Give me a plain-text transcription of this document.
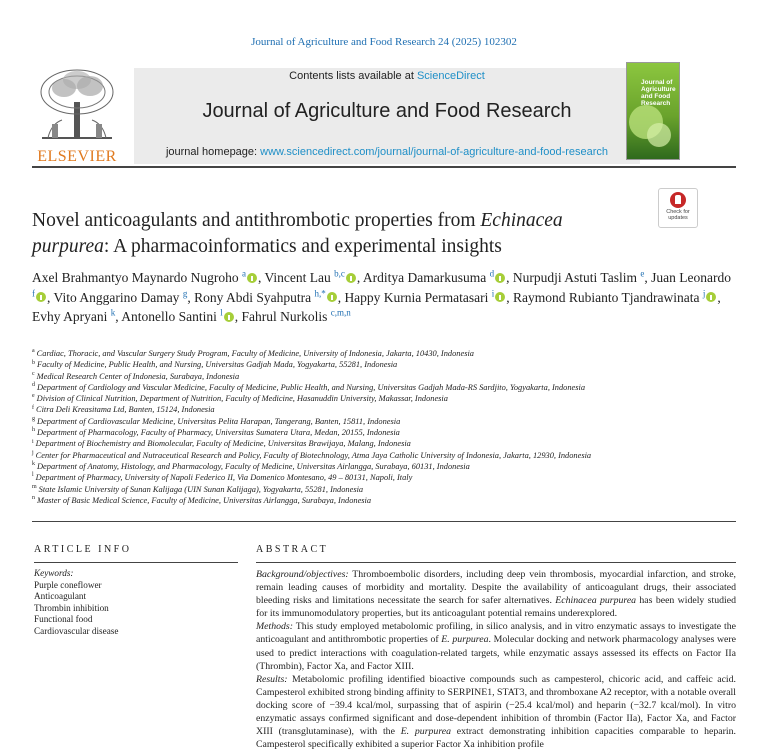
Journal of Agriculture and Food Research 24 (2025) 102302
ELSEVIER
Contents lists available at ScienceDirect
Journal of Agriculture and Food Research
journal homepage: www.sciencedirect.com/journal/journal-of-agriculture-and-food-research
Journal of
Agriculture
and Food
Research
Check for
updates
Novel anticoagulants and antithrombotic properties from Echinacea purpurea: A pharmacoinformatics and experimental insights
Axel Brahmantyo Maynardo Nugroho $^a$ , Vincent Lau $^{b,c}$ , Arditya Damarkusuma $^d$ , Nurpudji Astuti Taslim $^e$, Juan Leonardo $^f$ , Vito Anggarino Damay $^g$, Rony Abdi Syahputra $^{h,*}$ , Happy Kurnia Permatasari $^i$ , Raymond Rubianto Tjandrawinata $^j$ , Evhy Apryani $^k$, Antonello Santini $^l$ , Fahrul Nurkolis $^{c,m,n}$
$^a$ Cardiac, Thoracic, and Vascular Surgery Study Program, Faculty of Medicine, University of Indonesia, Jakarta, 10430, Indonesia
$^b$ Faculty of Medicine, Public Health, and Nursing, Universitas Gadjah Mada, Yogyakarta, 55281, Indonesia
$^c$ Medical Research Center of Indonesia, Surabaya, Indonesia
$^d$ Department of Cardiology and Vascular Medicine, Faculty of Medicine, Public Health, and Nursing, Universitas Gadjah Mada-RS Sardjito, Yogyakarta, Indonesia
$^e$ Division of Clinical Nutrition, Department of Nutrition, Faculty of Medicine, Hasanuddin University, Makassar, Indonesia
$^f$ Citra Deli Kreasitama Ltd, Banten, 15124, Indonesia
$^g$ Department of Cardiovascular Medicine, Universitas Pelita Harapan, Tangerang, Banten, 15811, Indonesia
$^h$ Department of Pharmacology, Faculty of Pharmacy, Universitas Sumatera Utara, Medan, 20155, Indonesia
$^i$ Department of Biochemistry and Biomolecular, Faculty of Medicine, Universitas Brawijaya, Malang, Indonesia
$^j$ Center for Pharmaceutical and Nutraceutical Research and Policy, Faculty of Biotechnology, Atma Jaya Catholic University of Indonesia, Jakarta, 12930, Indonesia
$^k$ Department of Anatomy, Histology, and Pharmacology, Faculty of Medicine, Universitas Airlangga, Surabaya, 60131, Indonesia
$^l$ Department of Pharmacy, University of Napoli Federico II, Via Domenico Montesano, 49 – 80131, Napoli, Italy
$^m$ State Islamic University of Sunan Kalijaga (UIN Sunan Kalijaga), Yogyakarta, 55281, Indonesia
$^n$ Master of Basic Medical Science, Faculty of Medicine, Universitas Airlangga, Surabaya, Indonesia
ARTICLE INFO	ABSTRACT
Keywords:
Purple coneflower
Anticoagulant
Thrombin inhibition
Functional food
Cardiovascular disease

Background/objectives: Thromboembolic disorders, including deep vein thrombosis, myocardial infarction, and stroke, remain leading causes of morbidity and mortality. Despite the availability of anticoagulant drugs, their associated bleeding risks and limitations necessitate the search for safer alternatives. Echinacea purpurea has been widely studied for its immunomodulatory properties, but its anticoagulant potential remains underexplored.

Methods: This study employed metabolomic profiling, in silico analysis, and in vitro enzymatic assays to investigate the anticoagulant and antithrombotic properties of E. purpurea. Molecular docking and network pharmacology analyses were used to predict interactions with coagulation-related targets, while enzymatic assays assessed its effects on Factor IIa (Thrombin), Factor Xa, and Factor XIII.

Results: Metabolomic profiling identified bioactive compounds such as campesterol, chicoric acid, and caffeic acid. Campesterol exhibited strong binding affinity to SERPINE1, STAT3, and thromboxane A2 receptor, with a notable overall docking score of −39.4 kcal/mol, surpassing that of aspirin (−25.4 kcal/mol) and heparin (−32.7 kcal/mol). In vitro enzymatic assays confirmed significant and dose-dependent inhibition of thrombin (Factor IIa), Factor Xa, and Factor XIII (transglutaminase), with the E. purpurea extract demonstrating inhibition capacities comparable to heparin. Campesterol specifically exhibited a superior Factor Xa inhibition profile
